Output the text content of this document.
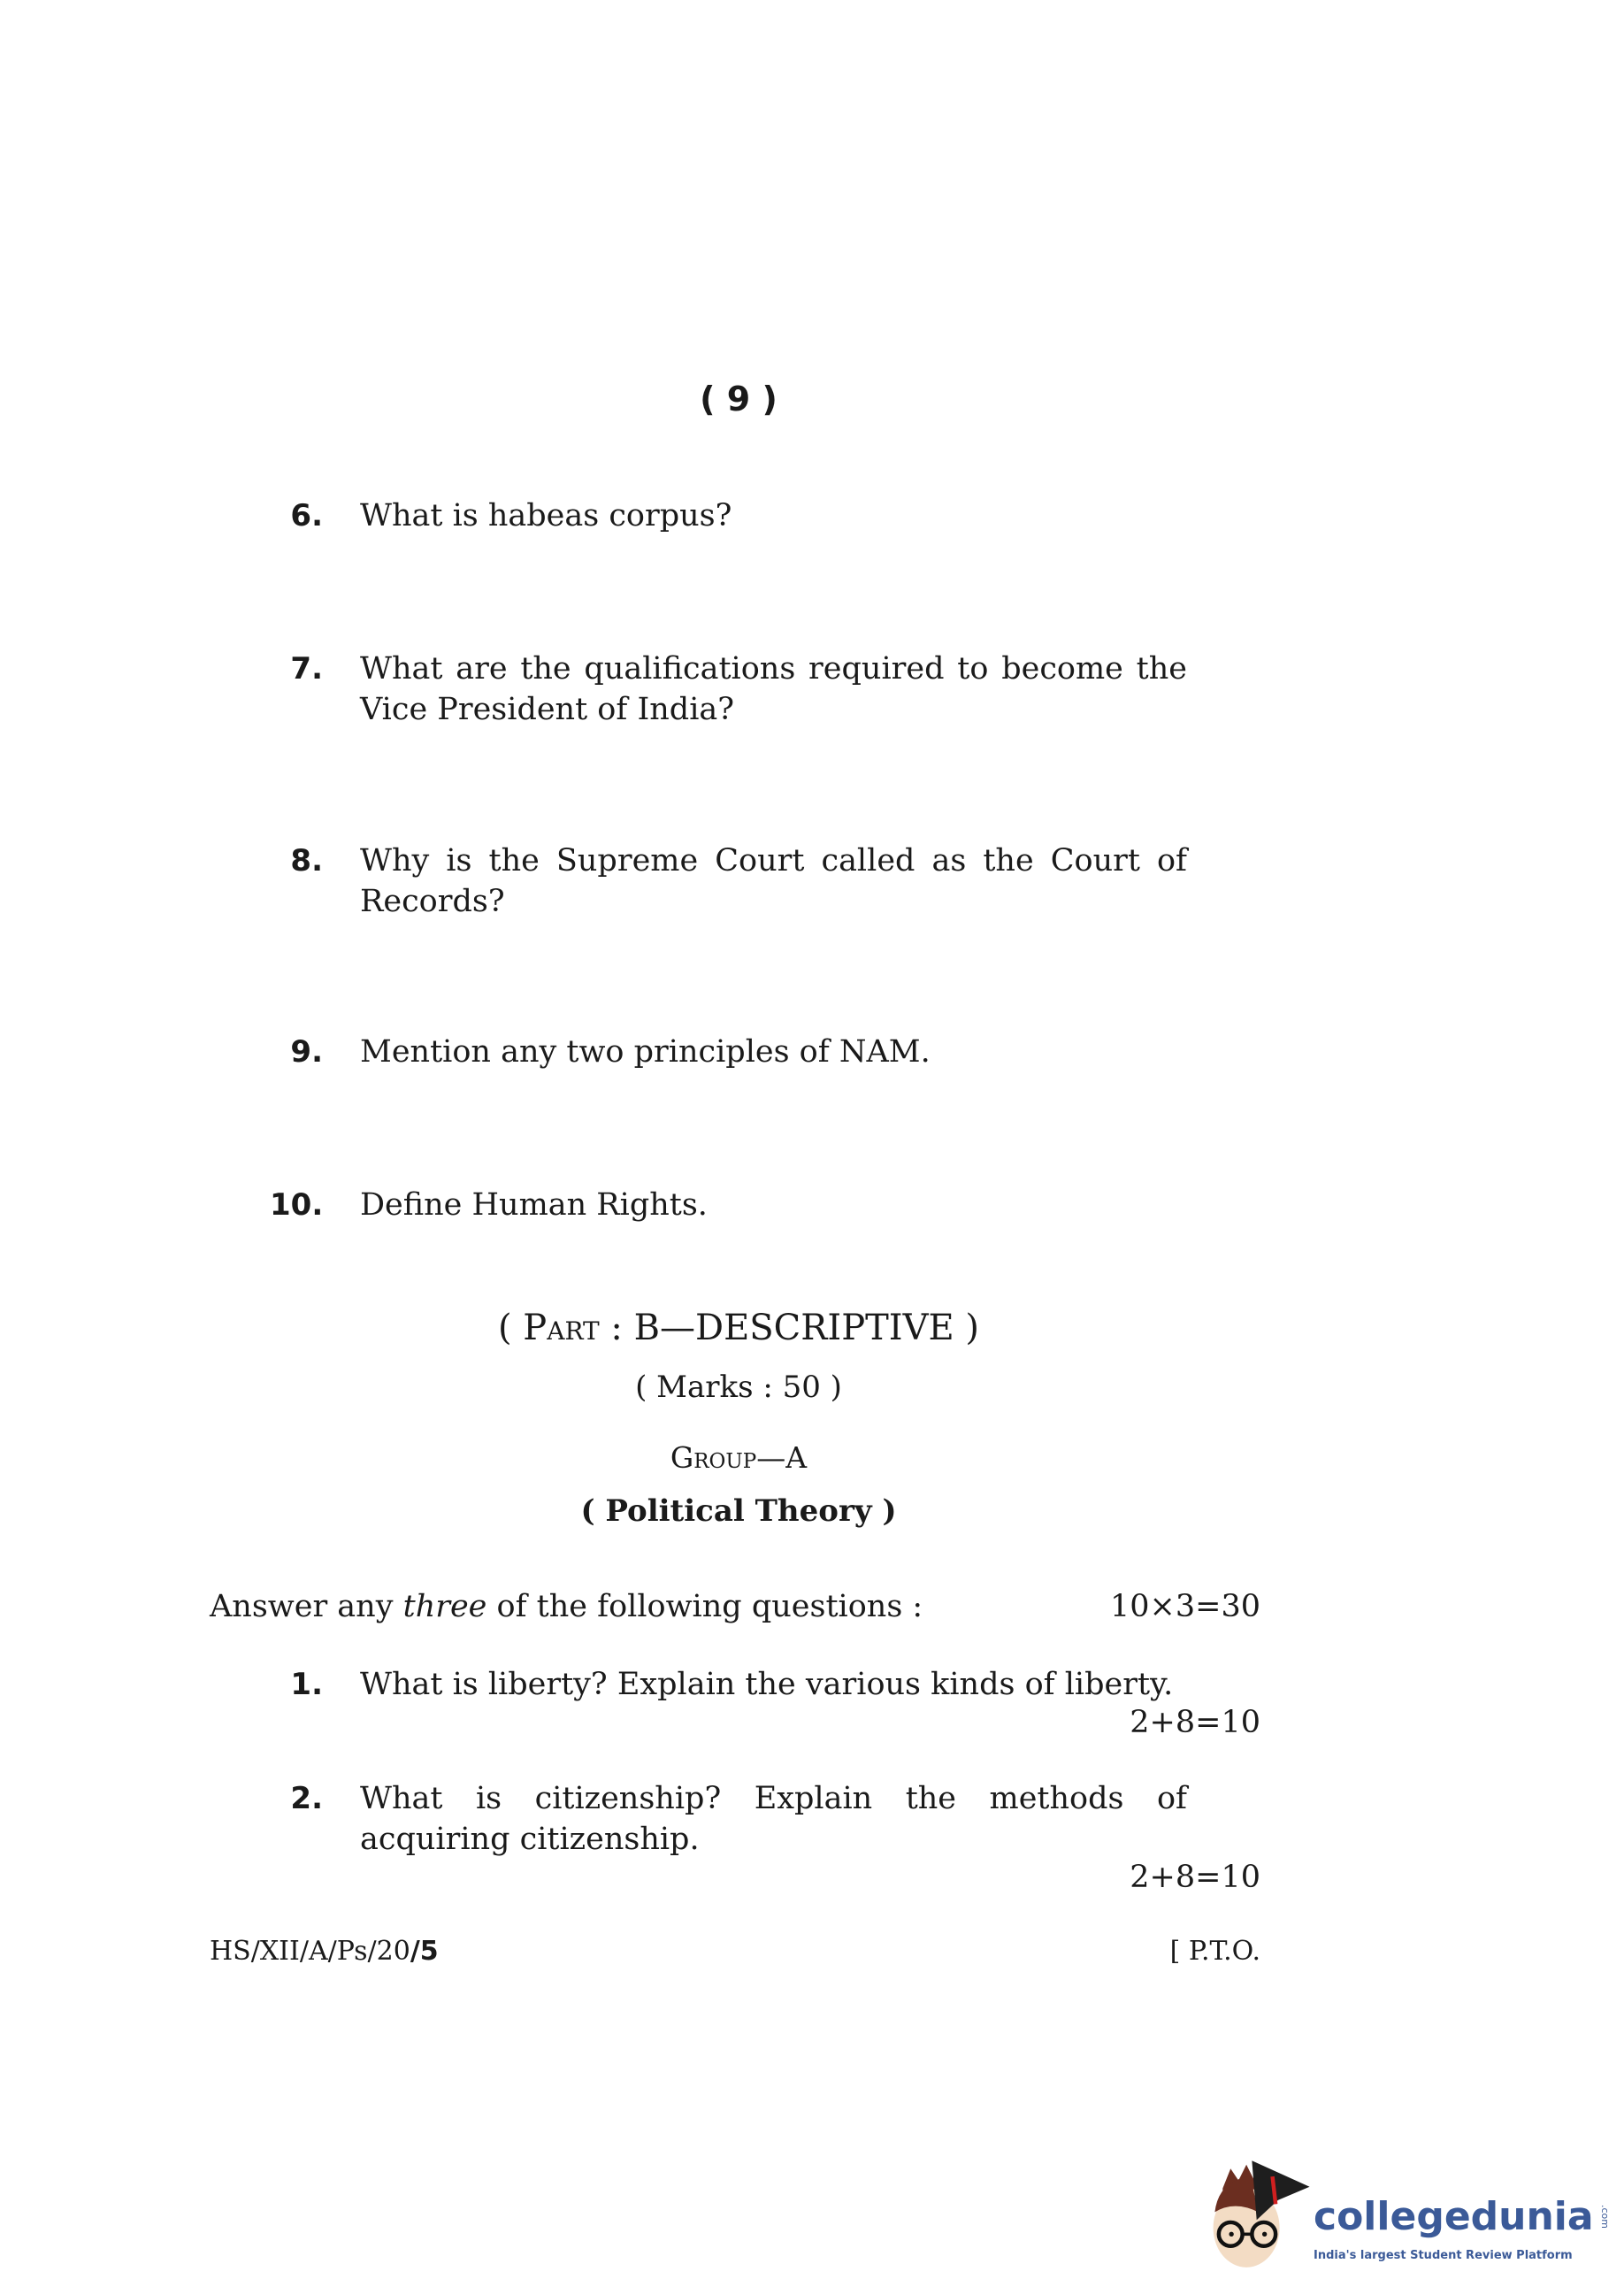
( 9 )
6. What is habeas corpus?
7. What are the qualifications required to become the Vice President of India?
8. Why is the Supreme Court called as the Court of Records?
9. Mention any two principles of NAM.
10. Define Human Rights.
( Part : B—DESCRIPTIVE )
( Marks : 50 )
Group—A
( Political Theory )
Answer any three of the following questions :	10×3=30
1. What is liberty? Explain the various kinds of liberty.
2+8=10
2. What is citizenship? Explain the methods of acquiring citizenship.
2+8=10
HS/XII/A/Ps/20/5	[ P.T.O.
collegedunia .com
India's largest Student Review Platform
